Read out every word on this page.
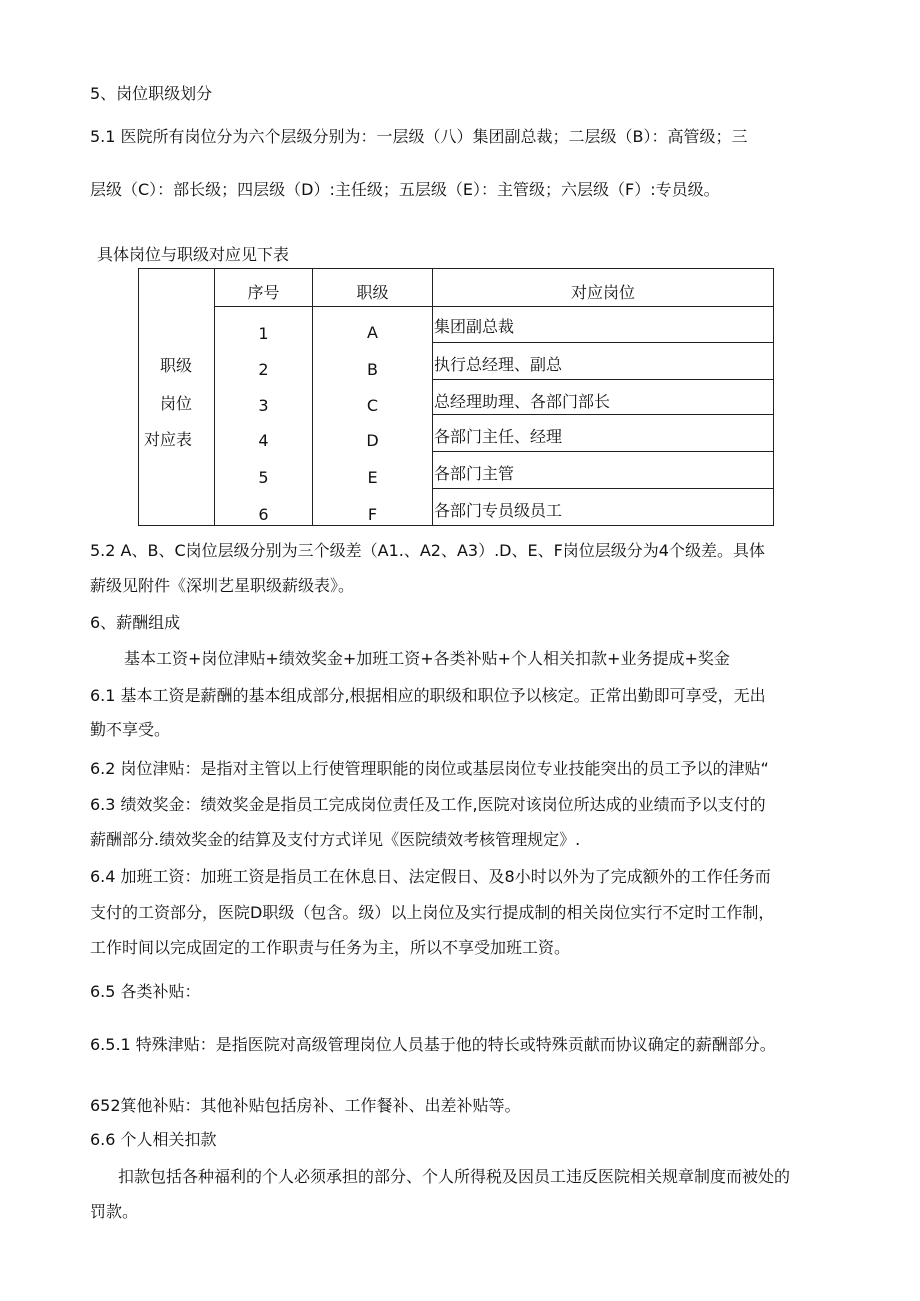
5、岗位职级划分
5.1 医院所有岗位分为六个层级分别为：一层级（八）集团副总裁；二层级（B）：高管级；三
层级（C）：部长级；四层级（D）:主任级；五层级（E）：主管级；六层级（F）:专员级。
具体岗位与职级对应见下表
职级
岗位
对应表
序号	职级	对应岗位
1	A	集团副总裁
2	B	执行总经理、副总
3	C	总经理助理、各部门部长
4	D	各部门主任、经理
5	E	各部门主管
6	F	各部门专员级员工
5.2 A、B、C岗位层级分别为三个级差（A1.、A2、A3）.D、E、F岗位层级分为4个级差。具体
薪级见附件《深圳艺星职级薪级表》。
6、薪酬组成
基本工资+岗位津贴+绩效奖金+加班工资+各类补贴+个人相关扣款+业务提成+奖金
6.1 基本工资是薪酬的基本组成部分,根据相应的职级和职位予以核定。正常出勤即可享受，无出
勤不享受。
6.2 岗位津贴：是指对主管以上行使管理职能的岗位或基层岗位专业技能突出的员工予以的津贴“
6.3 绩效奖金：绩效奖金是指员工完成岗位责任及工作,医院对该岗位所达成的业绩而予以支付的
薪酬部分.绩效奖金的结算及支付方式详见《医院绩效考核管理规定》.
6.4 加班工资：加班工资是指员工在休息日、法定假日、及8小时以外为了完成额外的工作任务而
支付的工资部分，医院D职级（包含。级）以上岗位及实行提成制的相关岗位实行不定时工作制，
工作时间以完成固定的工作职责与任务为主，所以不享受加班工资。
6.5 各类补贴：
6.5.1 特殊津贴：是指医院对高级管理岗位人员基于他的特长或特殊贡献而协议确定的薪酬部分。
652箕他补贴：其他补贴包括房补、工作餐补、出差补贴等。
6.6 个人相关扣款
扣款包括各种福利的个人必须承担的部分、个人所得税及因员工违反医院相关规章制度而被处的
罚款。
